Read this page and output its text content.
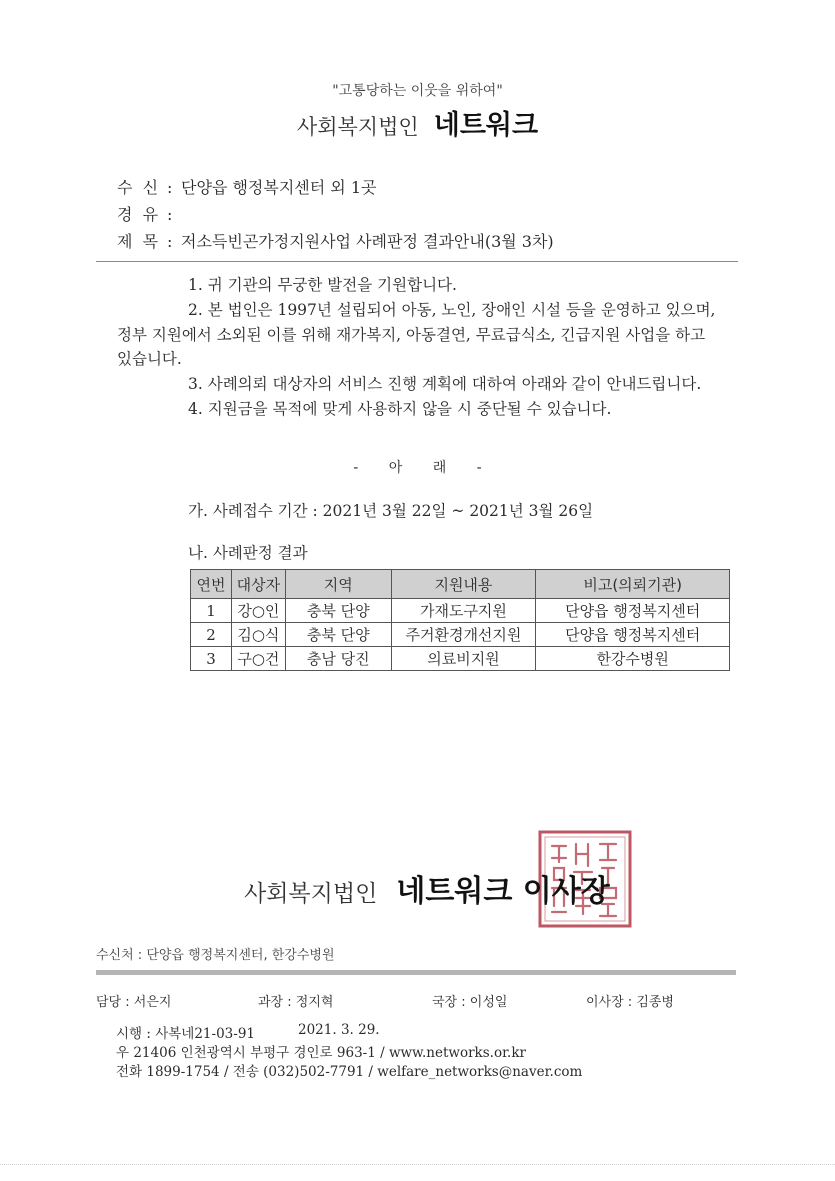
"고통당하는 이웃을 위하여"
사회복지법인 네트워크
수  신 : 단양읍 행정복지센터 외 1곳
경  유 :
제  목 : 저소득빈곤가정지원사업 사례판정 결과안내(3월 3차)
1. 귀 기관의 무궁한 발전을 기원합니다.
2. 본 법인은 1997년 설립되어 아동, 노인, 장애인 시설 등을 운영하고 있으며,
정부 지원에서 소외된 이를 위해 재가복지, 아동결연, 무료급식소, 긴급지원 사업을 하고
있습니다.
3. 사례의뢰 대상자의 서비스 진행 계획에 대하여 아래와 같이 안내드립니다.
4. 지원금을 목적에 맞게 사용하지 않을 시 중단될 수 있습니다.
- 아 래 -
가. 사례접수 기간 : 2021년 3월 22일 ~ 2021년 3월 26일
나. 사례판정 결과
연번	대상자	지역	지원내용	비고(의뢰기관)
1	강○인	충북 단양	가재도구지원	단양읍 행정복지센터
2	김○식	충북 단양	주거환경개선지원	단양읍 행정복지센터
3	구○건	충남 당진	의료비지원	한강수병원
사회복지법인 네트워크 이사장
수신처 : 단양읍 행정복지센터, 한강수병원
담당 : 서은지	과장 : 정지혁	국장 : 이성일	이사장 : 김종병
시행 : 사복네21-03-91	2021. 3. 29.
우 21406 인천광역시 부평구 경인로 963-1 / www.networks.or.kr
전화 1899-1754 / 전송 (032)502-7791 / welfare_networks@naver.com
